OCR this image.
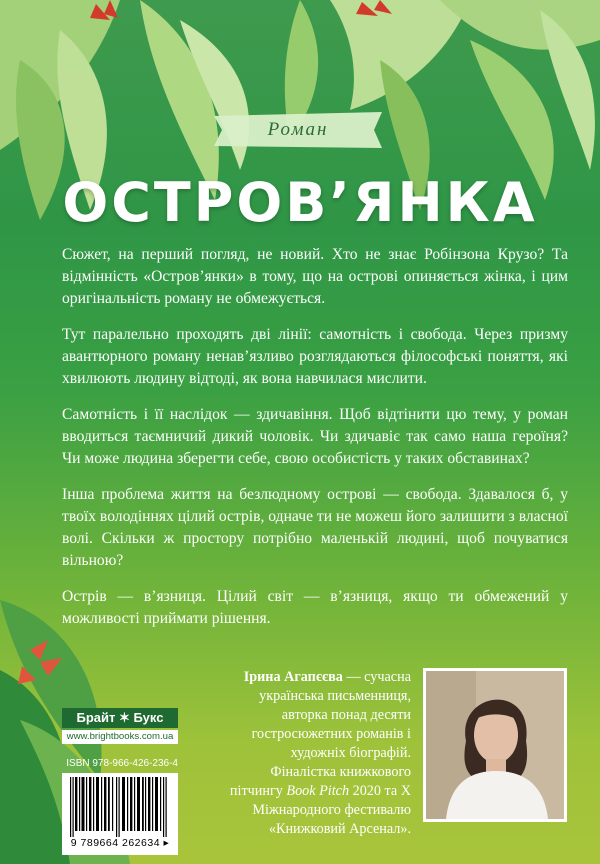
Роман
ОСТРОВ’ЯНКА

Сюжет, на перший погляд, не новий. Хто не знає Робінзона Крузо? Та відмінність «Остров’янки» в тому, що на острові опиняється жінка, і цим оригінальність роману не обмежується.

Тут паралельно проходять дві лінії: самотність і свобода. Через призму авантюрного роману ненав’язливо розглядаються філософські поняття, які хвилюють людину відтоді, як вона навчилася мислити.

Самотність і її наслідок — здичавіння. Щоб відтінити цю тему, у роман вводиться таємничий дикий чоловік. Чи здичавіє так само наша героїня? Чи може людина зберегти себе, свою особистість у таких обставинах?

Інша проблема життя на безлюдному острові — свобода. Здавалося б, у твоїх володіннях цілий острів, одначе ти не можеш його залишити з власної волі. Скільки ж простору потрібно маленькій людині, щоб почуватися вільною?

Острів — в’язниця. Цілий світ — в’язниця, якщо ти обмежений у можливості приймати рішення.

Ірина Агапєєва — сучасна українська письменниця, авторка понад десяти гостросюжетних романів і художніх біографій. Фіналістка книжкового пітчингу Book Pitch 2020 та Х Міжнародного фестивалю «Книжковий Арсенал».
Брайт ✶ Букс
www.brightbooks.com.ua
ISBN 978-966-426-236-4
9 789664 262634 ▸
